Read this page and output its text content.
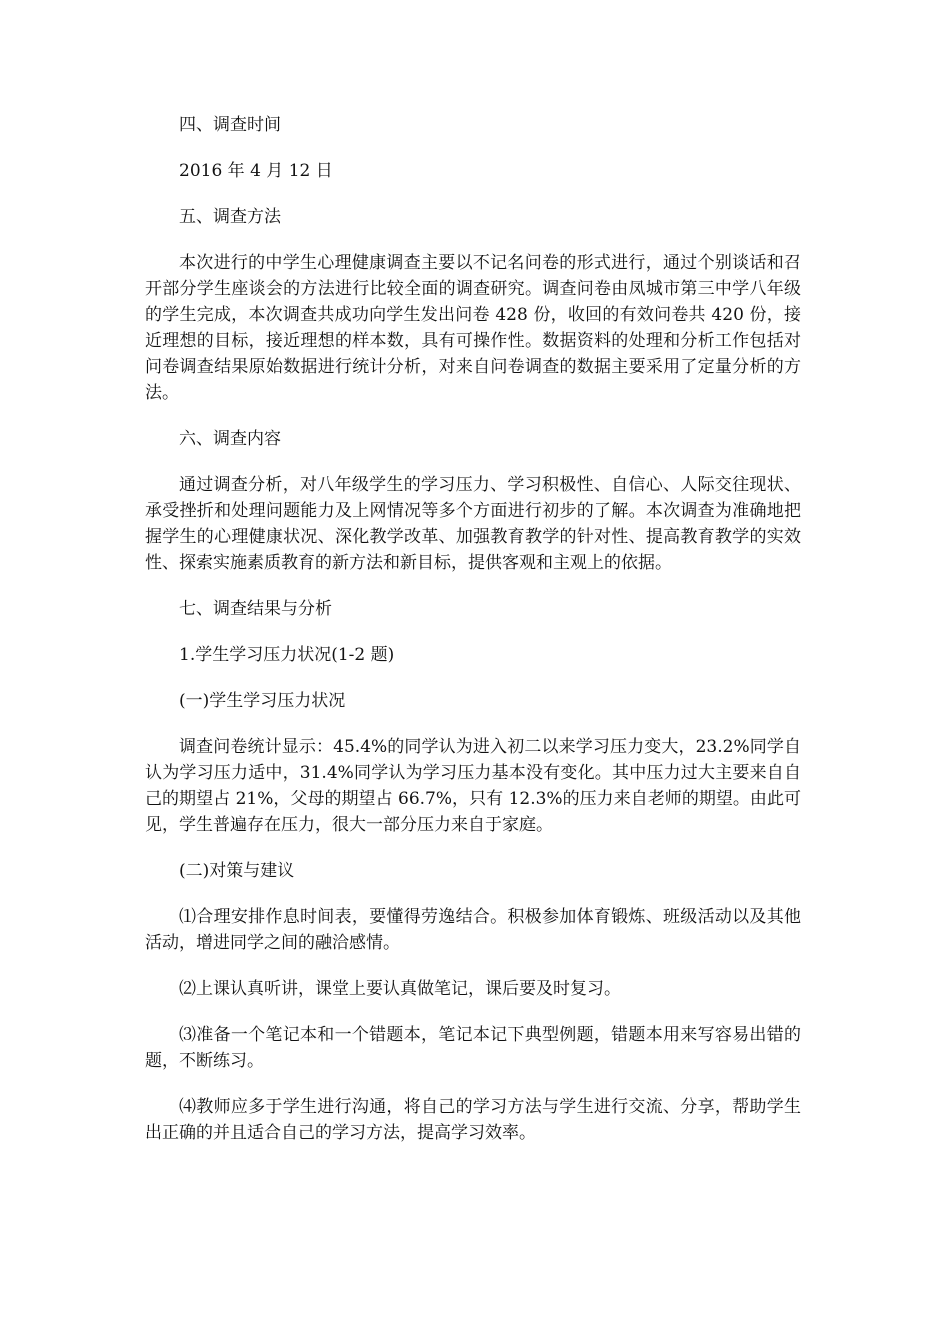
四、调查时间
2016 年 4 月 12 日
五、调查方法
本次进行的中学生心理健康调查主要以不记名问卷的形式进行，通过个别谈话和召开部分学生座谈会的方法进行比较全面的调查研究。调查问卷由凤城市第三中学八年级的学生完成，本次调查共成功向学生发出问卷 428 份，收回的有效问卷共 420 份，接近理想的目标，接近理想的样本数，具有可操作性。数据资料的处理和分析工作包括对问卷调查结果原始数据进行统计分析，对来自问卷调查的数据主要采用了定量分析的方法。
六、调查内容
通过调查分析，对八年级学生的学习压力、学习积极性、自信心、人际交往现状、承受挫折和处理问题能力及上网情况等多个方面进行初步的了解。本次调查为准确地把握学生的心理健康状况、深化教学改革、加强教育教学的针对性、提高教育教学的实效性、探索实施素质教育的新方法和新目标，提供客观和主观上的依据。
七、调查结果与分析
1.学生学习压力状况(1-2 题)
(一)学生学习压力状况
调查问卷统计显示：45.4%的同学认为进入初二以来学习压力变大，23.2%同学自认为学习压力适中，31.4%同学认为学习压力基本没有变化。其中压力过大主要来自自己的期望占 21%，父母的期望占 66.7%，只有 12.3%的压力来自老师的期望。由此可见，学生普遍存在压力，很大一部分压力来自于家庭。
(二)对策与建议
⑴合理安排作息时间表，要懂得劳逸结合。积极参加体育锻炼、班级活动以及其他活动，增进同学之间的融洽感情。
⑵上课认真听讲，课堂上要认真做笔记，课后要及时复习。
⑶准备一个笔记本和一个错题本，笔记本记下典型例题，错题本用来写容易出错的题，不断练习。
⑷教师应多于学生进行沟通，将自己的学习方法与学生进行交流、分享，帮助学生出正确的并且适合自己的学习方法，提高学习效率。
